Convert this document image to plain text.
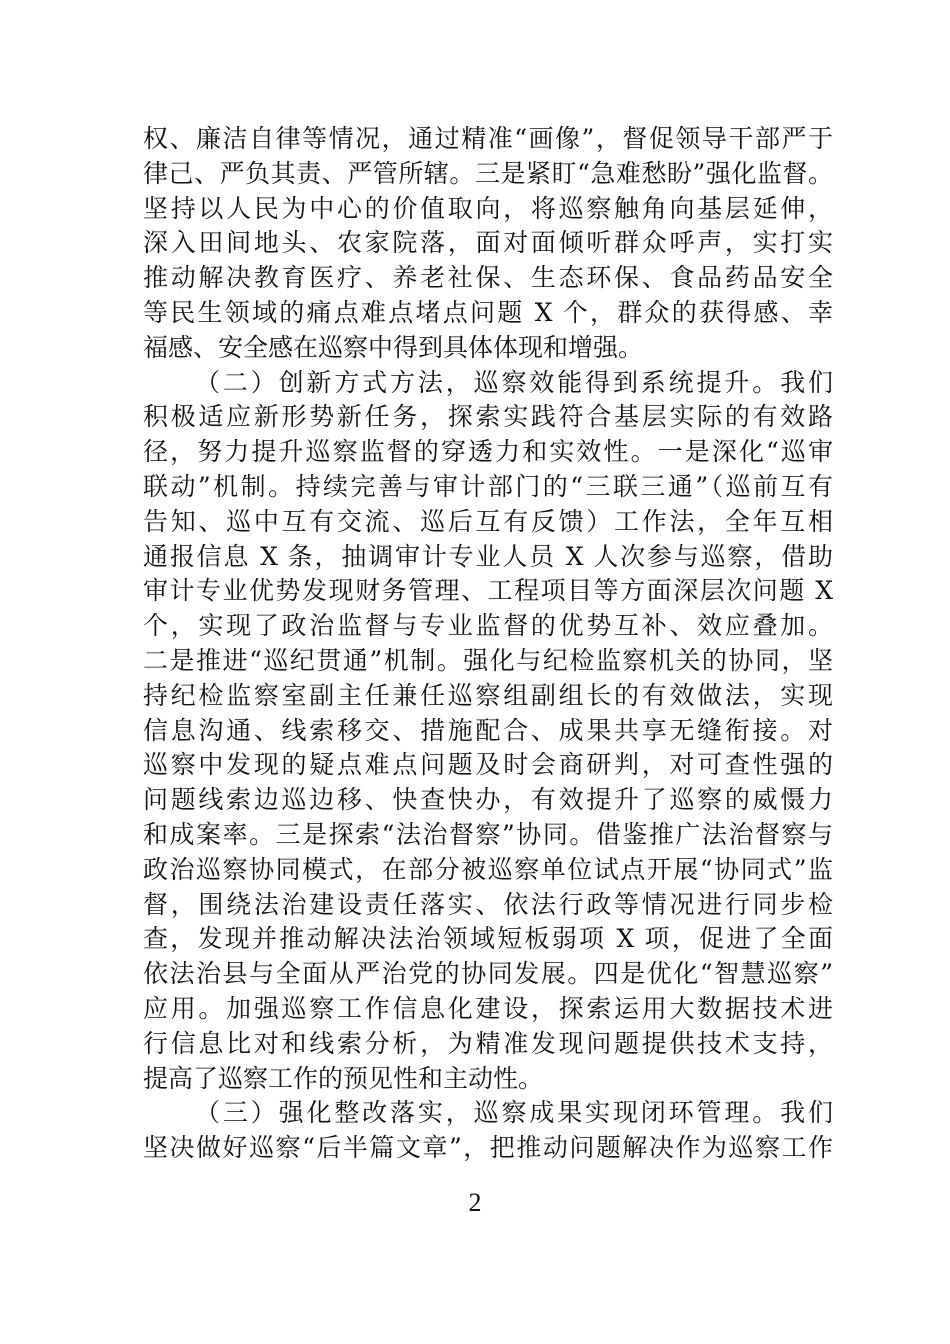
权、廉洁自律等情况，通过精准“画像”，督促领导干部严于
律己、严负其责、严管所辖。三是紧盯“急难愁盼”强化监督。
坚持以人民为中心的价值取向，将巡察触角向基层延伸，
深入田间地头、农家院落，面对面倾听群众呼声，实打实
推动解决教育医疗、养老社保、生态环保、食品药品安全
等民生领域的痛点难点堵点问题 X 个，群众的获得感、幸
福感、安全感在巡察中得到具体体现和增强。
（二）创新方式方法，巡察效能得到系统提升。我们
积极适应新形势新任务，探索实践符合基层实际的有效路
径，努力提升巡察监督的穿透力和实效性。一是深化“巡审
联动”机制。持续完善与审计部门的“三联三通”（巡前互有
告知、巡中互有交流、巡后互有反馈）工作法，全年互相
通报信息 X 条，抽调审计专业人员 X 人次参与巡察，借助
审计专业优势发现财务管理、工程项目等方面深层次问题 X
个，实现了政治监督与专业监督的优势互补、效应叠加。
二是推进“巡纪贯通”机制。强化与纪检监察机关的协同，坚
持纪检监察室副主任兼任巡察组副组长的有效做法，实现
信息沟通、线索移交、措施配合、成果共享无缝衔接。对
巡察中发现的疑点难点问题及时会商研判，对可查性强的
问题线索边巡边移、快查快办，有效提升了巡察的威慑力
和成案率。三是探索“法治督察”协同。借鉴推广法治督察与
政治巡察协同模式，在部分被巡察单位试点开展“协同式”监
督，围绕法治建设责任落实、依法行政等情况进行同步检
查，发现并推动解决法治领域短板弱项 X 项，促进了全面
依法治县与全面从严治党的协同发展。四是优化“智慧巡察”
应用。加强巡察工作信息化建设，探索运用大数据技术进
行信息比对和线索分析，为精准发现问题提供技术支持，
提高了巡察工作的预见性和主动性。
（三）强化整改落实，巡察成果实现闭环管理。我们
坚决做好巡察“后半篇文章”，把推动问题解决作为巡察工作
2
